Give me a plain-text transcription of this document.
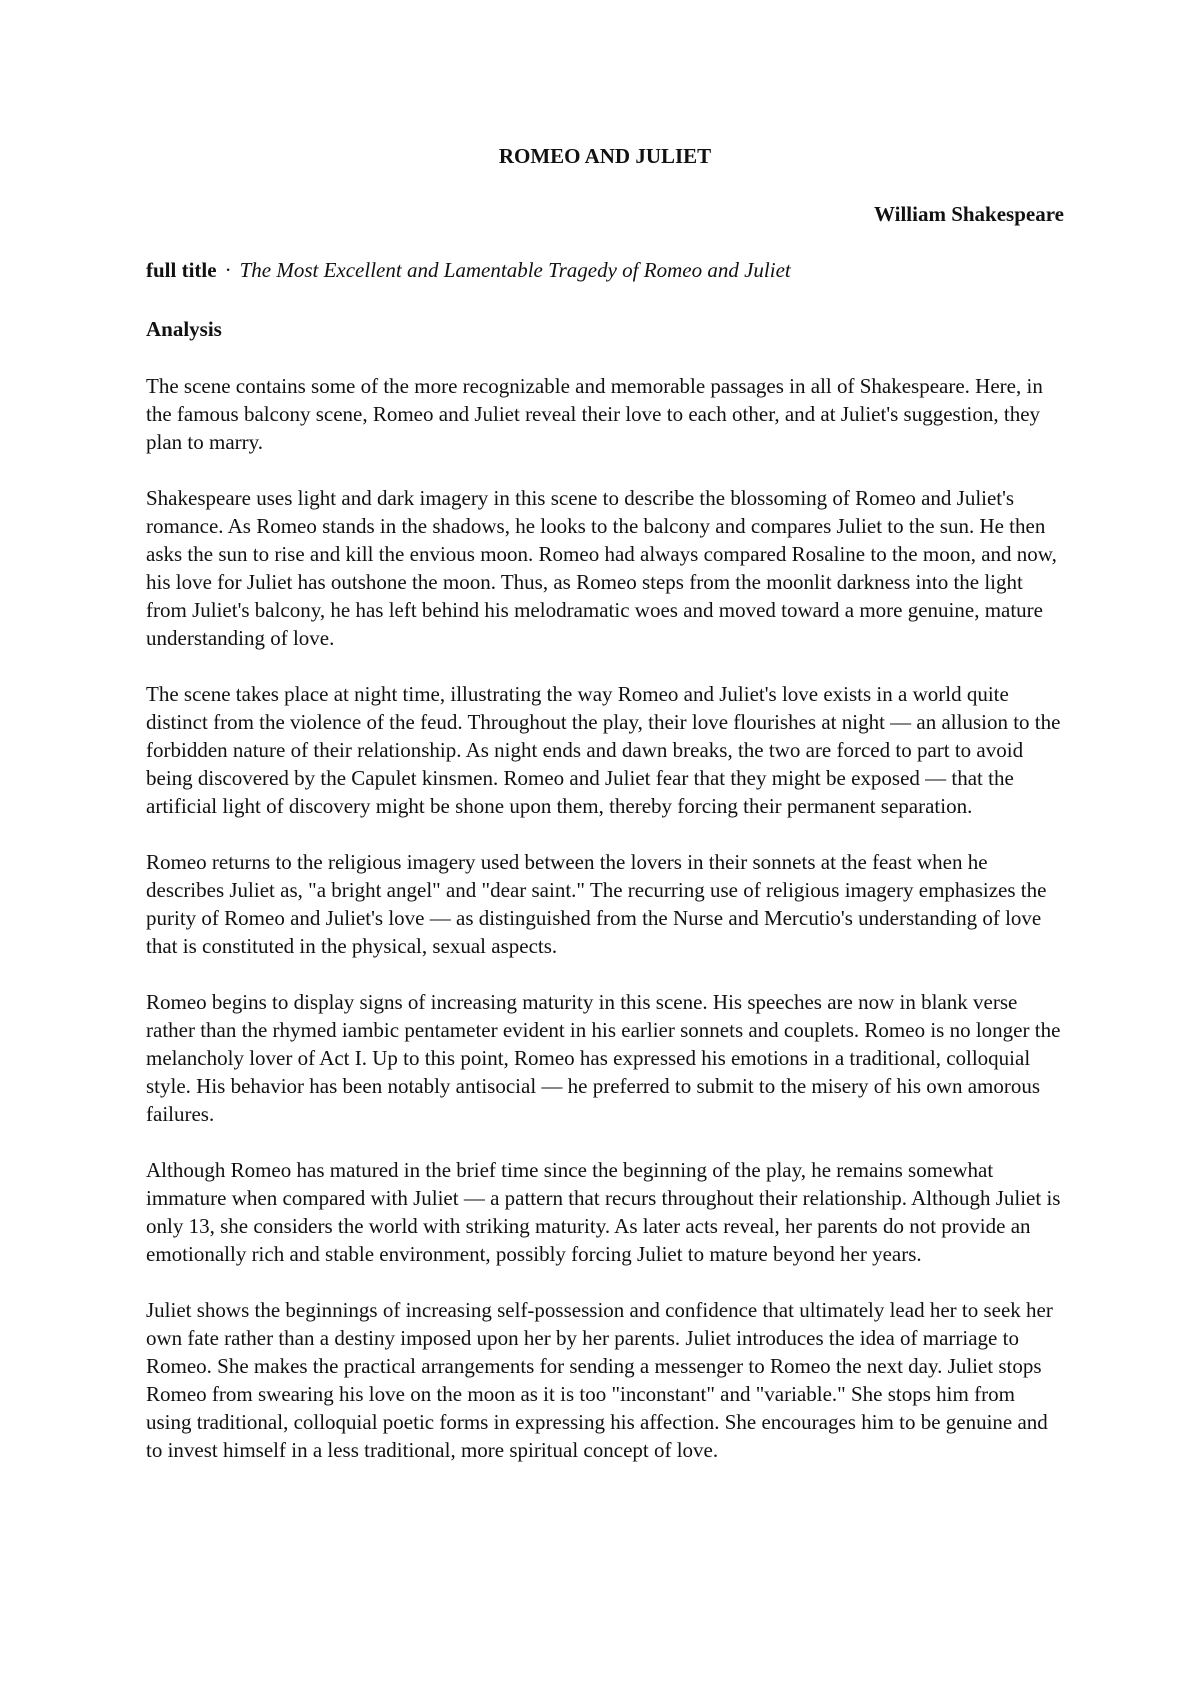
ROMEO AND JULIET
William Shakespeare
full title · The Most Excellent and Lamentable Tragedy of Romeo and Juliet
Analysis

The scene contains some of the more recognizable and memorable passages in all of Shakespeare. Here, in the famous balcony scene, Romeo and Juliet reveal their love to each other, and at Juliet's suggestion, they plan to marry.

Shakespeare uses light and dark imagery in this scene to describe the blossoming of Romeo and Juliet's romance. As Romeo stands in the shadows, he looks to the balcony and compares Juliet to the sun. He then asks the sun to rise and kill the envious moon. Romeo had always compared Rosaline to the moon, and now, his love for Juliet has outshone the moon. Thus, as Romeo steps from the moonlit darkness into the light from Juliet's balcony, he has left behind his melodramatic woes and moved toward a more genuine, mature understanding of love.

The scene takes place at night time, illustrating the way Romeo and Juliet's love exists in a world quite distinct from the violence of the feud. Throughout the play, their love flourishes at night — an allusion to the forbidden nature of their relationship. As night ends and dawn breaks, the two are forced to part to avoid being discovered by the Capulet kinsmen. Romeo and Juliet fear that they might be exposed — that the artificial light of discovery might be shone upon them, thereby forcing their permanent separation.

Romeo returns to the religious imagery used between the lovers in their sonnets at the feast when he describes Juliet as, "a bright angel" and "dear saint." The recurring use of religious imagery emphasizes the purity of Romeo and Juliet's love — as distinguished from the Nurse and Mercutio's understanding of love that is constituted in the physical, sexual aspects.

Romeo begins to display signs of increasing maturity in this scene. His speeches are now in blank verse rather than the rhymed iambic pentameter evident in his earlier sonnets and couplets. Romeo is no longer the melancholy lover of Act I. Up to this point, Romeo has expressed his emotions in a traditional, colloquial style. His behavior has been notably antisocial — he preferred to submit to the misery of his own amorous failures.

Although Romeo has matured in the brief time since the beginning of the play, he remains somewhat immature when compared with Juliet — a pattern that recurs throughout their relationship. Although Juliet is only 13, she considers the world with striking maturity. As later acts reveal, her parents do not provide an emotionally rich and stable environment, possibly forcing Juliet to mature beyond her years.

Juliet shows the beginnings of increasing self-possession and confidence that ultimately lead her to seek her own fate rather than a destiny imposed upon her by her parents. Juliet introduces the idea of marriage to Romeo. She makes the practical arrangements for sending a messenger to Romeo the next day. Juliet stops Romeo from swearing his love on the moon as it is too "inconstant" and "variable." She stops him from using traditional, colloquial poetic forms in expressing his affection. She encourages him to be genuine and to invest himself in a less traditional, more spiritual concept of love.
